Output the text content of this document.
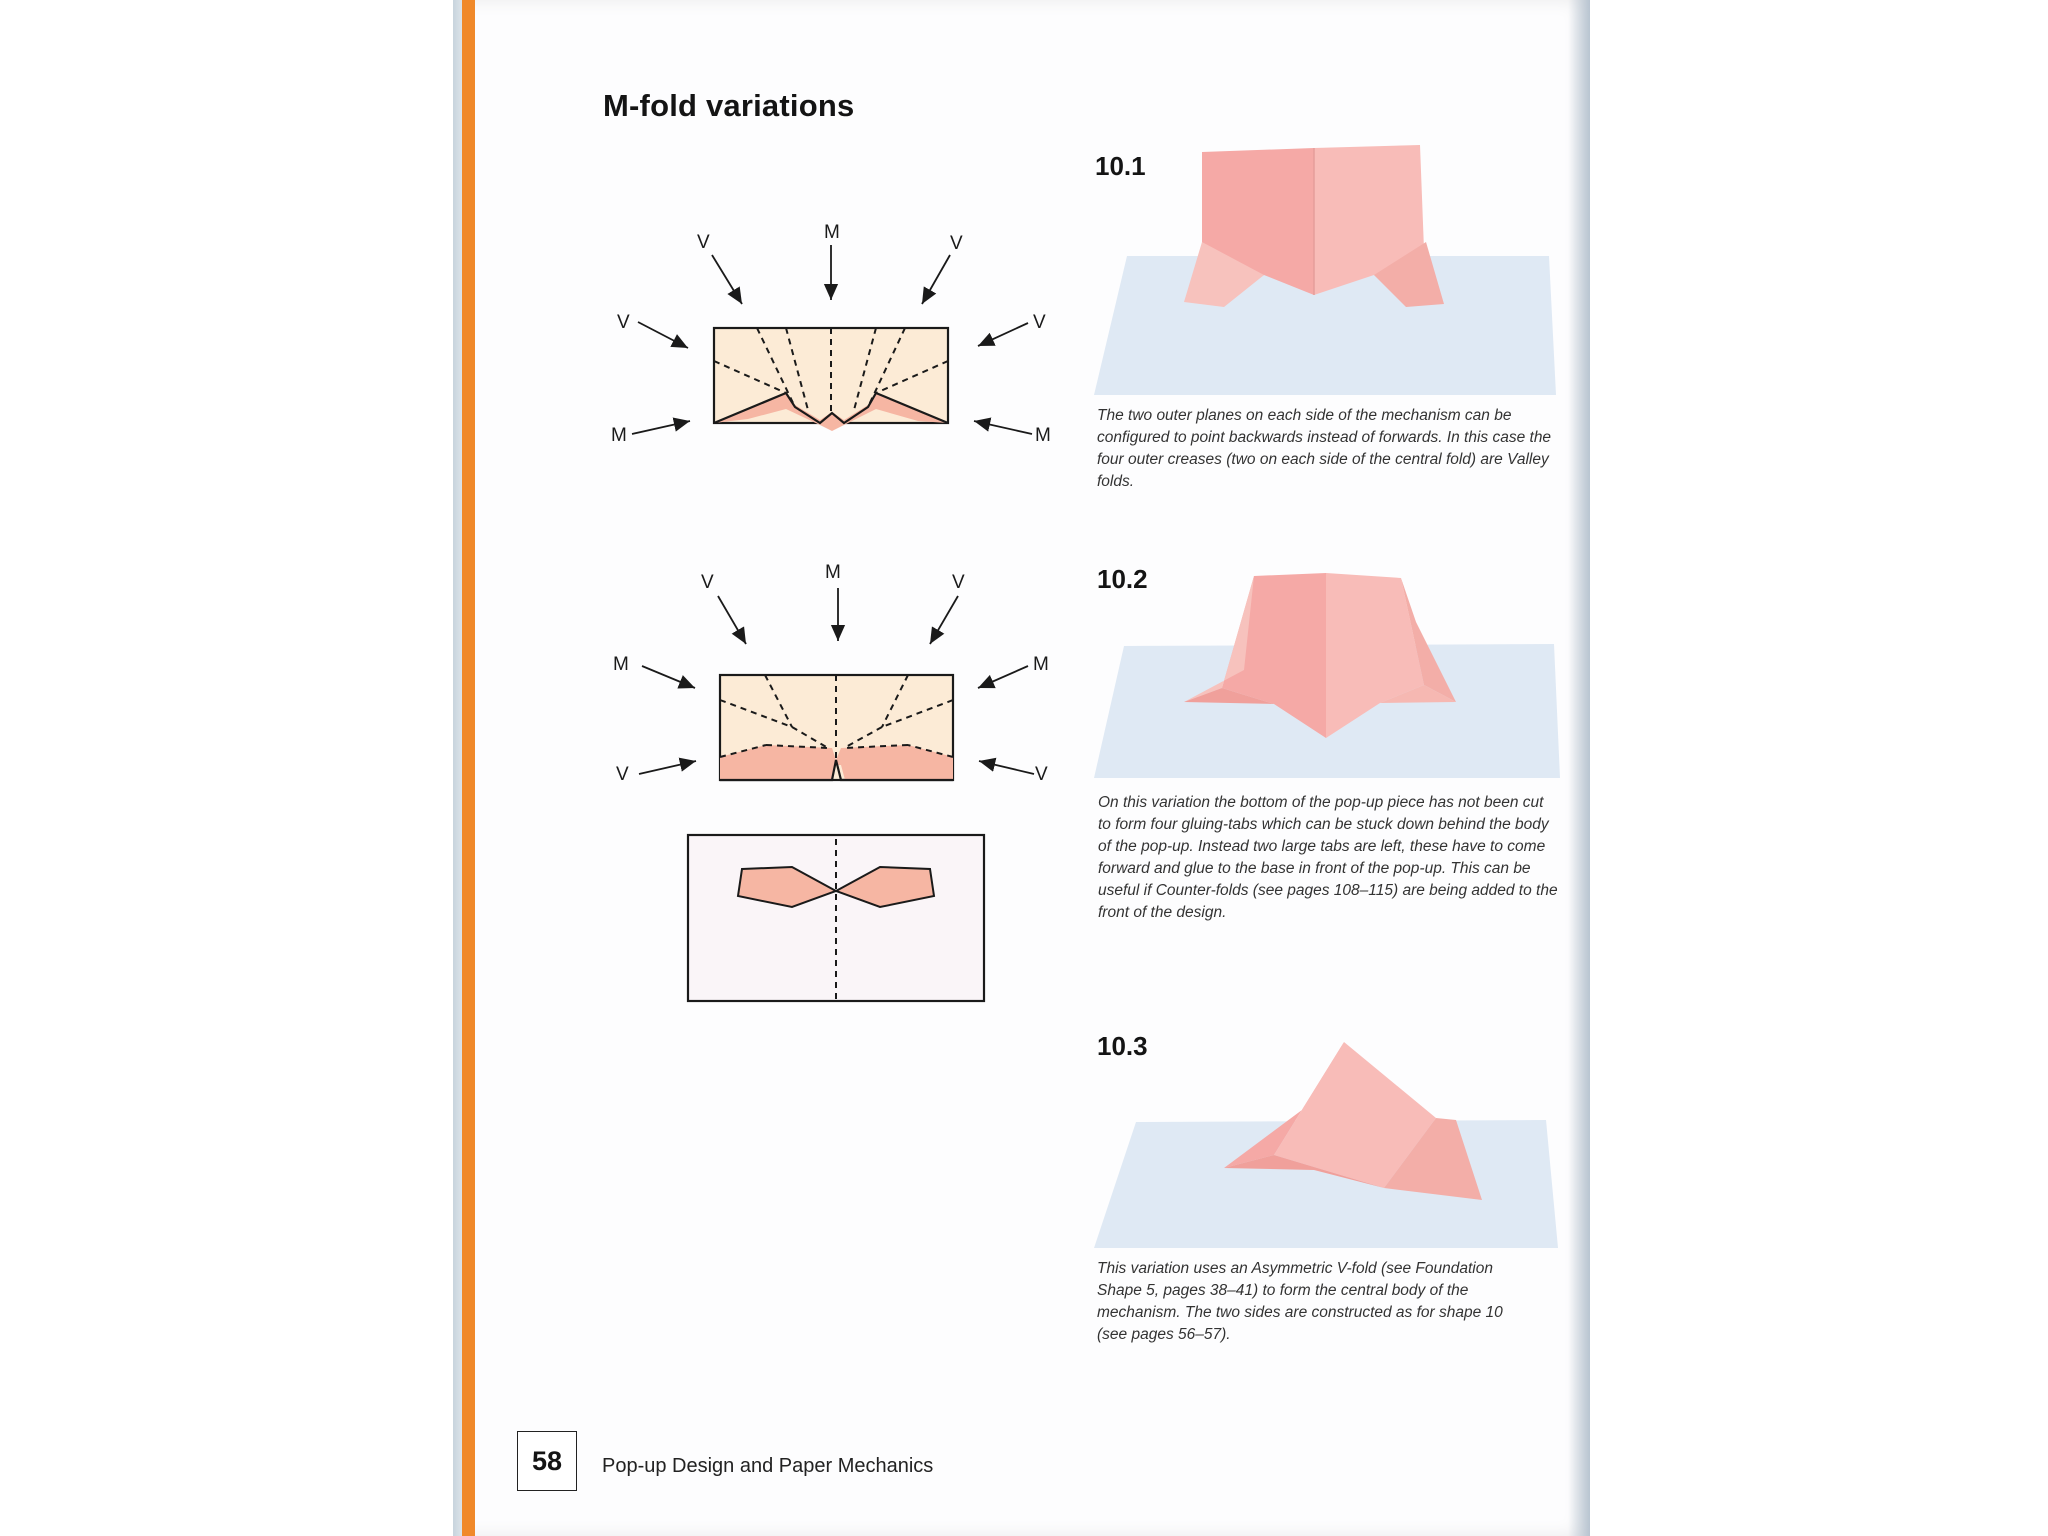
M-fold variations
V	M
V
V	V
M	M
V	M	V
M	M
V	V
10.1

The two outer planes on each side of the mechanism can be configured to point backwards instead of forwards. In this case the four outer creases (two on each side of the central fold) are Valley folds.

10.2

On this variation the bottom of the pop-up piece has not been cut to form four gluing-tabs which can be stuck down behind the body of the pop-up. Instead two large tabs are left, these have to come forward and glue to the base in front of the pop-up. This can be useful if Counter-folds (see pages 108–115) are being added to the front of the design.

10.3

This variation uses an Asymmetric V-fold (see Foundation Shape 5, pages 38–41) to form the central body of the mechanism. The two sides are constructed as for shape 10 (see pages 56–57).

58	Pop-up Design and Paper Mechanics
